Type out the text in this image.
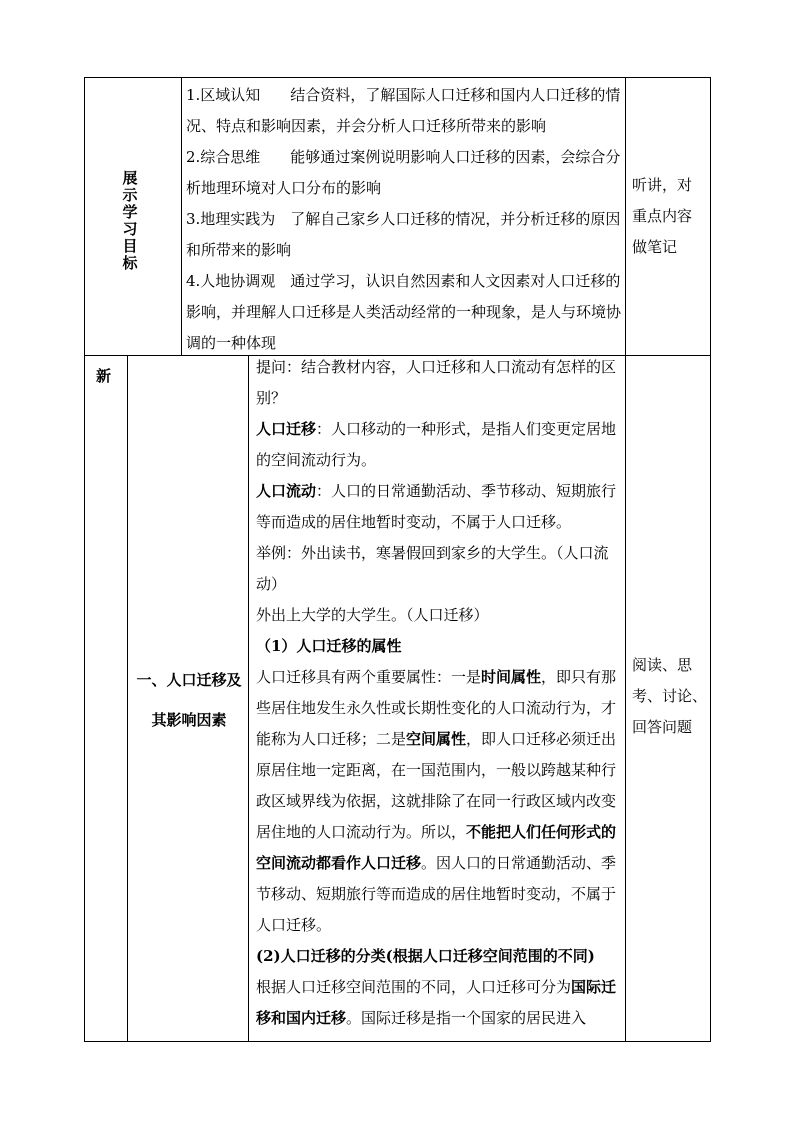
展示学习目标

1.区域认知　　结合资料，了解国际人口迁移和国内人口迁移的情况、特点和影响因素，并会分析人口迁移所带来的影响

2.综合思维　　能够通过案例说明影响人口迁移的因素，会综合分析地理环境对人口分布的影响

3.地理实践为　了解自己家乡人口迁移的情况，并分析迁移的原因和所带来的影响

4.人地协调观　通过学习，认识自然因素和人文因素对人口迁移的影响，并理解人口迁移是人类活动经常的一种现象，是人与环境协调的一种体现

听讲，对重点内容做笔记
新
一、人口迁移及
其影响因素

提问：结合教材内容，人口迁移和人口流动有怎样的区别？

人口迁移：人口移动的一种形式，是指人们变更定居地的空间流动行为。

人口流动：人口的日常通勤活动、季节移动、短期旅行等而造成的居住地暂时变动，不属于人口迁移。

举例：外出读书，寒暑假回到家乡的大学生。（人口流动）

外出上大学的大学生。（人口迁移）

（1）人口迁移的属性

人口迁移具有两个重要属性：一是时间属性，即只有那些居住地发生永久性或长期性变化的人口流动行为，才能称为人口迁移；二是空间属性，即人口迁移必须迁出原居住地一定距离，在一国范围内，一般以跨越某种行政区域界线为依据，这就排除了在同一行政区域内改变居住地的人口流动行为。所以，不能把人们任何形式的空间流动都看作人口迁移。因人口的日常通勤活动、季节移动、短期旅行等而造成的居住地暂时变动，不属于人口迁移。

(2)人口迁移的分类(根据人口迁移空间范围的不同)

根据人口迁移空间范围的不同，人口迁移可分为国际迁移和国内迁移。国际迁移是指一个国家的居民进入

阅读、思考、讨论、回答问题
